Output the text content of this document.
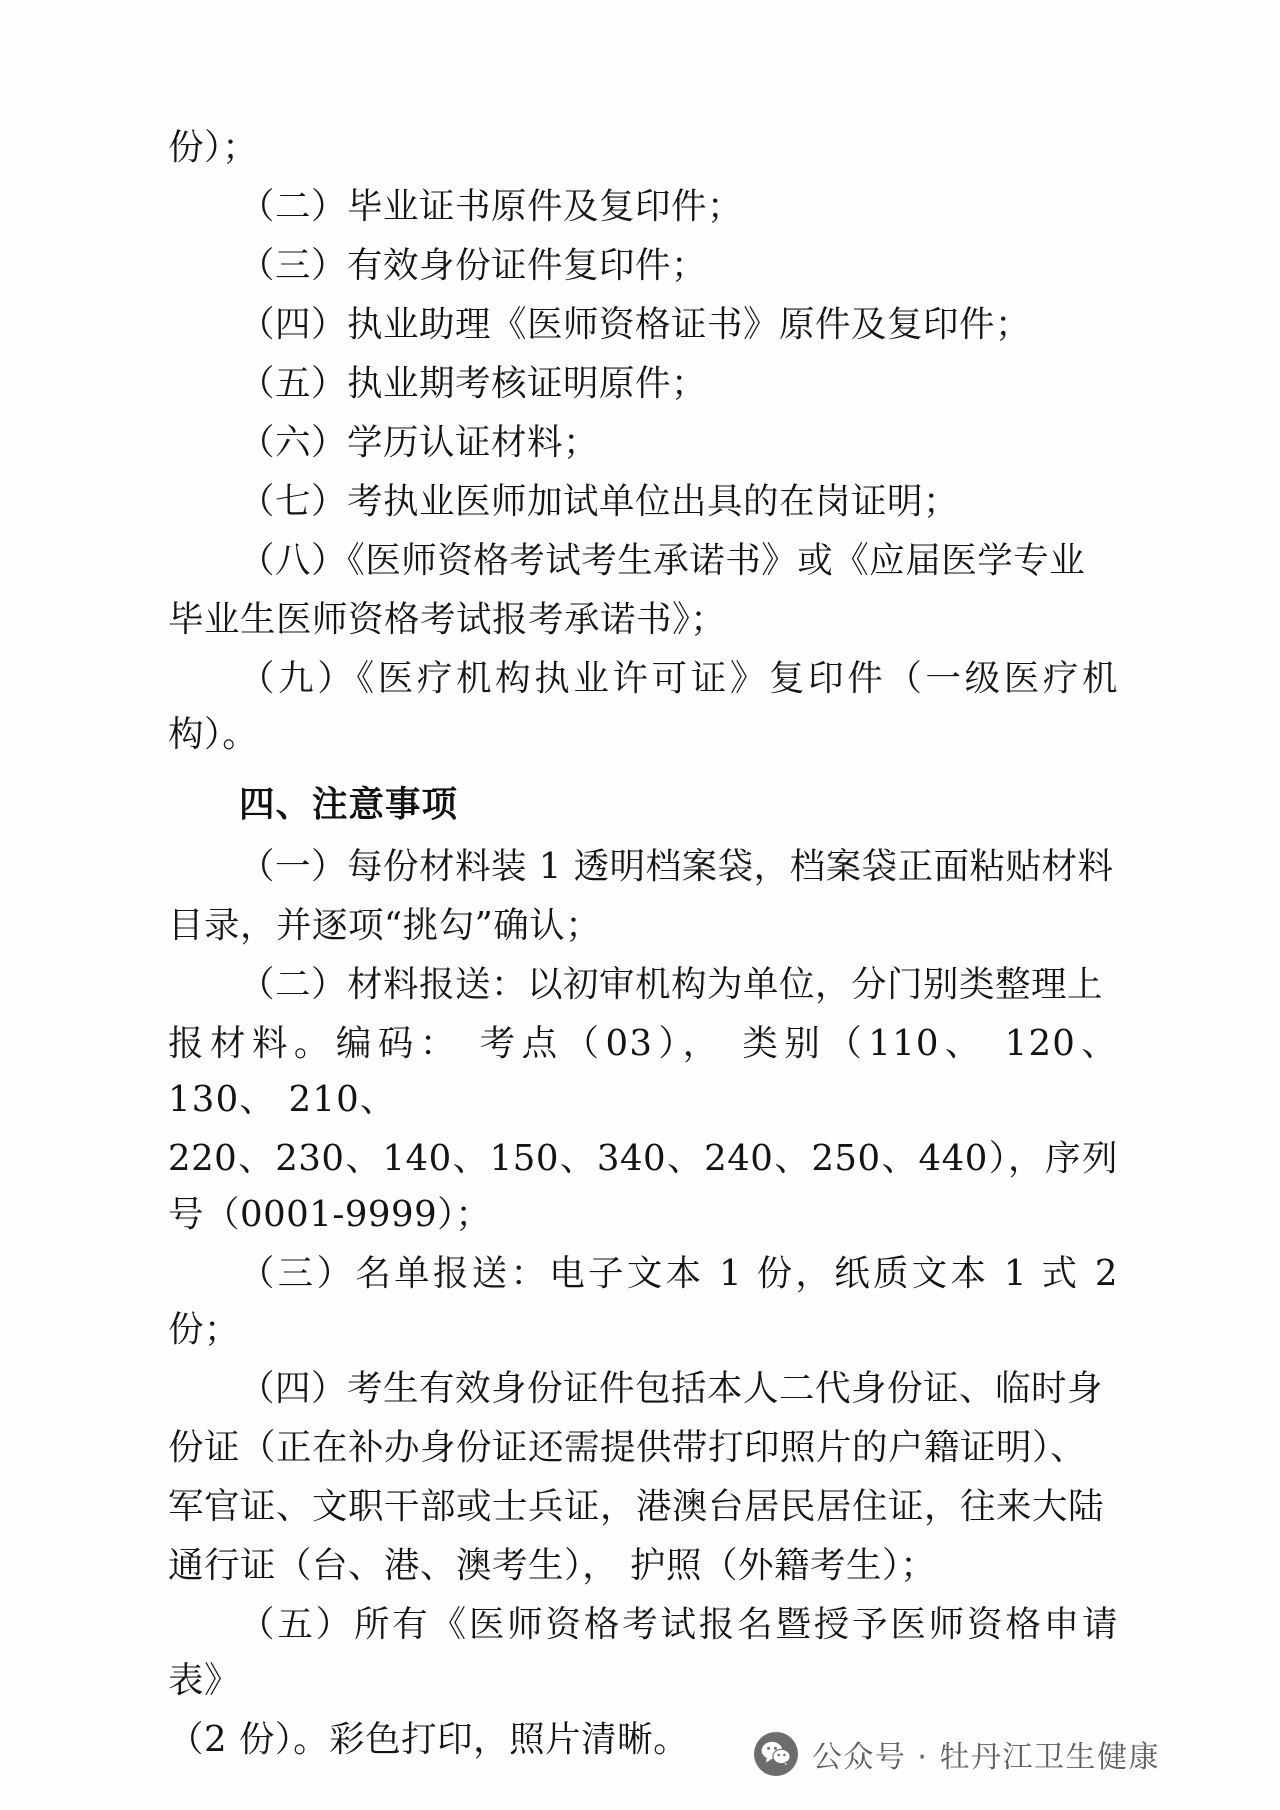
份）；

（二）毕业证书原件及复印件；

（三）有效身份证件复印件；

（四）执业助理《医师资格证书》原件及复印件；

（五）执业期考核证明原件；

（六）学历认证材料；

（七）考执业医师加试单位出具的在岗证明；

（八）《医师资格考试考生承诺书》或《应届医学专业

毕业生医师资格考试报考承诺书》；

（九）《医疗机构执业许可证》复印件（一级医疗机构）。

四、注意事项

（一）每份材料装 1 透明档案袋，档案袋正面粘贴材料

目录，并逐项“挑勾”确认；

（二）材料报送：以初审机构为单位，分门别类整理上

报材料。编码： 考点（03）， 类别（110、 120、 130、 210、

220、230、140、150、340、240、250、440），序列号（0001-9999）；

（三）名单报送：电子文本 1 份，纸质文本 1 式 2 份；

（四）考生有效身份证件包括本人二代身份证、临时身

份证（正在补办身份证还需提供带打印照片的户籍证明）、

军官证、文职干部或士兵证，港澳台居民居住证，往来大陆

通行证（台、港、澳考生）， 护照（外籍考生）；

（五）所有《医师资格考试报名暨授予医师资格申请表》

（2 份）。彩色打印，照片清晰。	公众号 · 牡丹江卫生健康
